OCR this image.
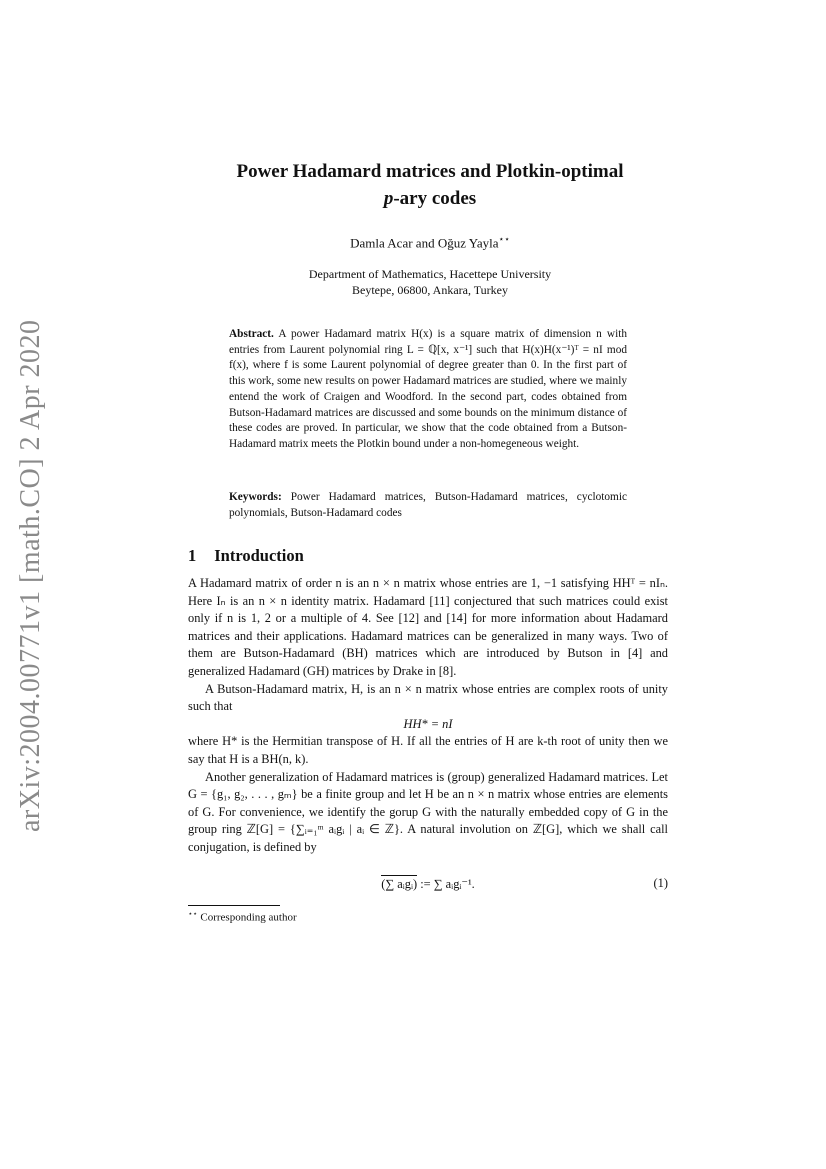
arXiv:2004.00771v1 [math.CO] 2 Apr 2020
Power Hadamard matrices and Plotkin-optimal
p-ary codes
Damla Acar and Oğuz Yayla⋆⋆
Department of Mathematics, Hacettepe University
Beytepe, 06800, Ankara, Turkey
Abstract. A power Hadamard matrix H(x) is a square matrix of dimension n with entries from Laurent polynomial ring L = ℚ[x, x⁻¹] such that H(x)H(x⁻¹)ᵀ = nI mod f(x), where f is some Laurent polynomial of degree greater than 0. In the first part of this work, some new results on power Hadamard matrices are studied, where we mainly entend the work of Craigen and Woodford. In the second part, codes obtained from Butson-Hadamard matrices are discussed and some bounds on the minimum distance of these codes are proved. In particular, we show that the code obtained from a Butson-Hadamard matrix meets the Plotkin bound under a non-homegeneous weight.
Keywords: Power Hadamard matrices, Butson-Hadamard matrices, cyclotomic polynomials, Butson-Hadamard codes
1 Introduction

A Hadamard matrix of order n is an n × n matrix whose entries are 1, −1 satisfying HHᵀ = nIₙ. Here Iₙ is an n × n identity matrix. Hadamard [11] conjectured that such matrices could exist only if n is 1, 2 or a multiple of 4. See [12] and [14] for more information about Hadamard matrices and their applications. Hadamard matrices can be generalized in many ways. Two of them are Butson-Hadamard (BH) matrices which are introduced by Butson in [4] and generalized Hadamard (GH) matrices by Drake in [8].

A Butson-Hadamard matrix, H, is an n × n matrix whose entries are complex roots of unity such that

HH* = nI

where H* is the Hermitian transpose of H. If all the entries of H are k-th root of unity then we say that H is a BH(n, k).

Another generalization of Hadamard matrices is (group) generalized Hadamard matrices. Let G = {g₁, g₂, . . . , gₘ} be a finite group and let H be an n × n matrix whose entries are elements of G. For convenience, we identify the gorup G with the naturally embedded copy of G in the group ring ℤ[G] = {∑ᵢ₌₁ᵐ aᵢgᵢ | aᵢ ∈ ℤ}. A natural involution on ℤ[G], which we shall call conjugation, is defined by

(∑ aᵢgᵢ) := ∑ aᵢgᵢ⁻¹.	(1)
⋆⋆ Corresponding author
